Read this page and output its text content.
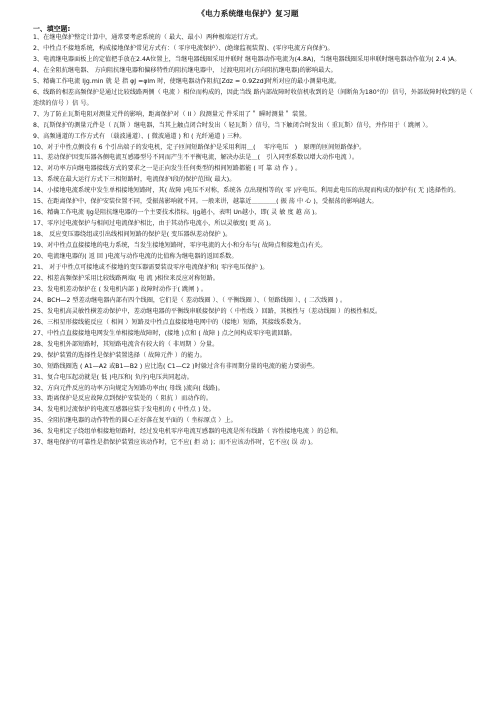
《电力系统继电保护》复习题
一、填空题:
1、在继电保护整定计算中，通常要考虑系统的（ 最大、最小）两种极端运行方式。
2、中性点不接地系统，构成接地保护常见方式有：（ 零序电流保护）、(绝缘监视装置)、(零序电流方向保护)。
3、电流继电器面板上的定值把手放在2.4A位置上，当继电器线圈采用并联时 继电器动作电流为(4.8A)，当继电器线圈采用串联时继电器动作值为( 2.4 )A。
4、在全阻抗继电器、 方向阻抗继电器和偏移特性的阻抗继电器中， 过渡电阻对(方向阻抗继电器)的影响最大。
5、精确工作电流 Ijg.min 就 是 指 φJ =φlm 时，使继电器动作阻抗[Zdz = 0.9Zzd]时所对应的最小测量电流。
6、线路的相差高频保护是通过比较线路两侧（ 电流 ）相位而构成的，因此当线 路内部故障时收信机收到的是（间断角为180°的）信号，外部故障时收到的是（ 连续的信号 ）信 号。
7、为了防止瓦斯电阻对测量元件的影响，距离保护对（ II ）段测量元 件采用了＂ 瞬时测量＂ 装置。
8、瓦斯保护的测量元件是（ 瓦斯 ）继电器，当其上触点闭合时发出（ 轻瓦斯 ）信号，当下触闭合时发出（ 重瓦斯）信号，并作用于（ 跳闸 ）。
9、高频通道的工作方式有 （载波通道）、( 微波通道 ) 和 ( 光纤通道 ) 三种。
10、对于中性点侧没有 6 个引出端子的发电机，定子匝间短路保护是采用利用＿(　 零序电压　)　原理的匝间短路保护。
11、差动保护因变压器各侧电流互感器型号不同而产生不平衡电流，解决办法是＿(　引入同型系数以增大动作电流 ）。
12、对功率方向继电器接线方式的要求之一是正向发生任何类型的相间短路都能 ( 可 靠 动 作 ) 。
13、系统在最大运行方式下三相短路时，电流保护Ⅰ段的保护范围( 最大)。
14、小接地电流系统中发生单相接地短路时，其( 故障 )电压不对称，系统各 点出现相等的( 零 )序电压。利用此电压的出现而构成的保护有( 无 )选择性的。
15、在距离保护中，保护安装位置不同，受振荡影响就不同。一般来讲，越靠近＿＿＿＿( 振 荡 中 心 )，受振荡的影响越大。
16、精确工作电流 Ijg是阻抗继电器的一个主要技术指标。Ijg越小，表明 Un越小，即( 灵 敏 度 越 高 )。
17、零序过电流保护与相间过电流保护相比，由于其动作电流小，所以灵敏度( 更 高 )。
18、 反应变压器绕组或引出线相间短路的保护是( 变压器纵差动保护 )。
19、对中性点直接接地的电力系统，当发生接地短路时，零序电流的大小和分布与( 故障点和接地点)有关。
20、电流继电器的( 返 回 )电流与动作电流的比值称为继电器的返回系数。
21、 对于中性点可接地或不接地的变压器需要装设零序电流保护和( 零序电压保护 )。
22、相差高频保护采用比较线路两端( 电 流 )相位来反应对称短路。
23、发电机差动保护在 ( 发电机内部 ) 故障时动作于( 跳闸 ) 。
24、BCH—2 型差动继电器内部有四个线圈，它们是（ 差动线圈 ）、（ 平衡线圈 ）、（ 短路线圈 ）、( 二次线圈 ) 。
25、发电机高灵敏性横差动保护中，差动继电器的平衡线串联接保护的（ 中性线 ）回路，其极性与（差动线圈 ）的极性相反。
26、三相星形接线能反应（ 相间 ）短路及中性点直接接地电网中的（接地）短路，其接线系数为。
27、中性点直接接地电网发生单相接地故障时，(接地 )点和 ( 故障 ) 点之间构成零序电流回路。
28、发电机外部短路时，其短路电流含有较大的（ 非周期 ）分量。
29、保护装置的选择性是保护装置选择（ 故障元件 ）的能力。
30、短路线圈选 ( A1—A2 或B1—B2 ) 应比选( C1—C2 )时躲过含有非周期分量的电流的能力要弱些。
31、复合电压起动就是( 低 )电压和( 负序)电压共同起动。
32、方向元件反应的功率方向规定为短路功率由( 母线 )流向( 线路)。
33、距离保护是反应故障点到保护安装处的（ 阻抗 ）而动作的。
34、发电机过流保护的电流互感器应装于发电机的 ( 中性点 ) 处。
35、全阻抗继电器的动作特性的圆心正好落在复平面的（ 坐标原点 ）上。
36、发电机定子绕组单相接地短路时，经过发电机零序电流互感器的电流是所有线路（ 容性接地电流 ）的总和。
37、继电保护的可靠性是指保护装置应该动作时，它不应( 拒 动 )；而不应该动作时，它不应( 误 动 )。
